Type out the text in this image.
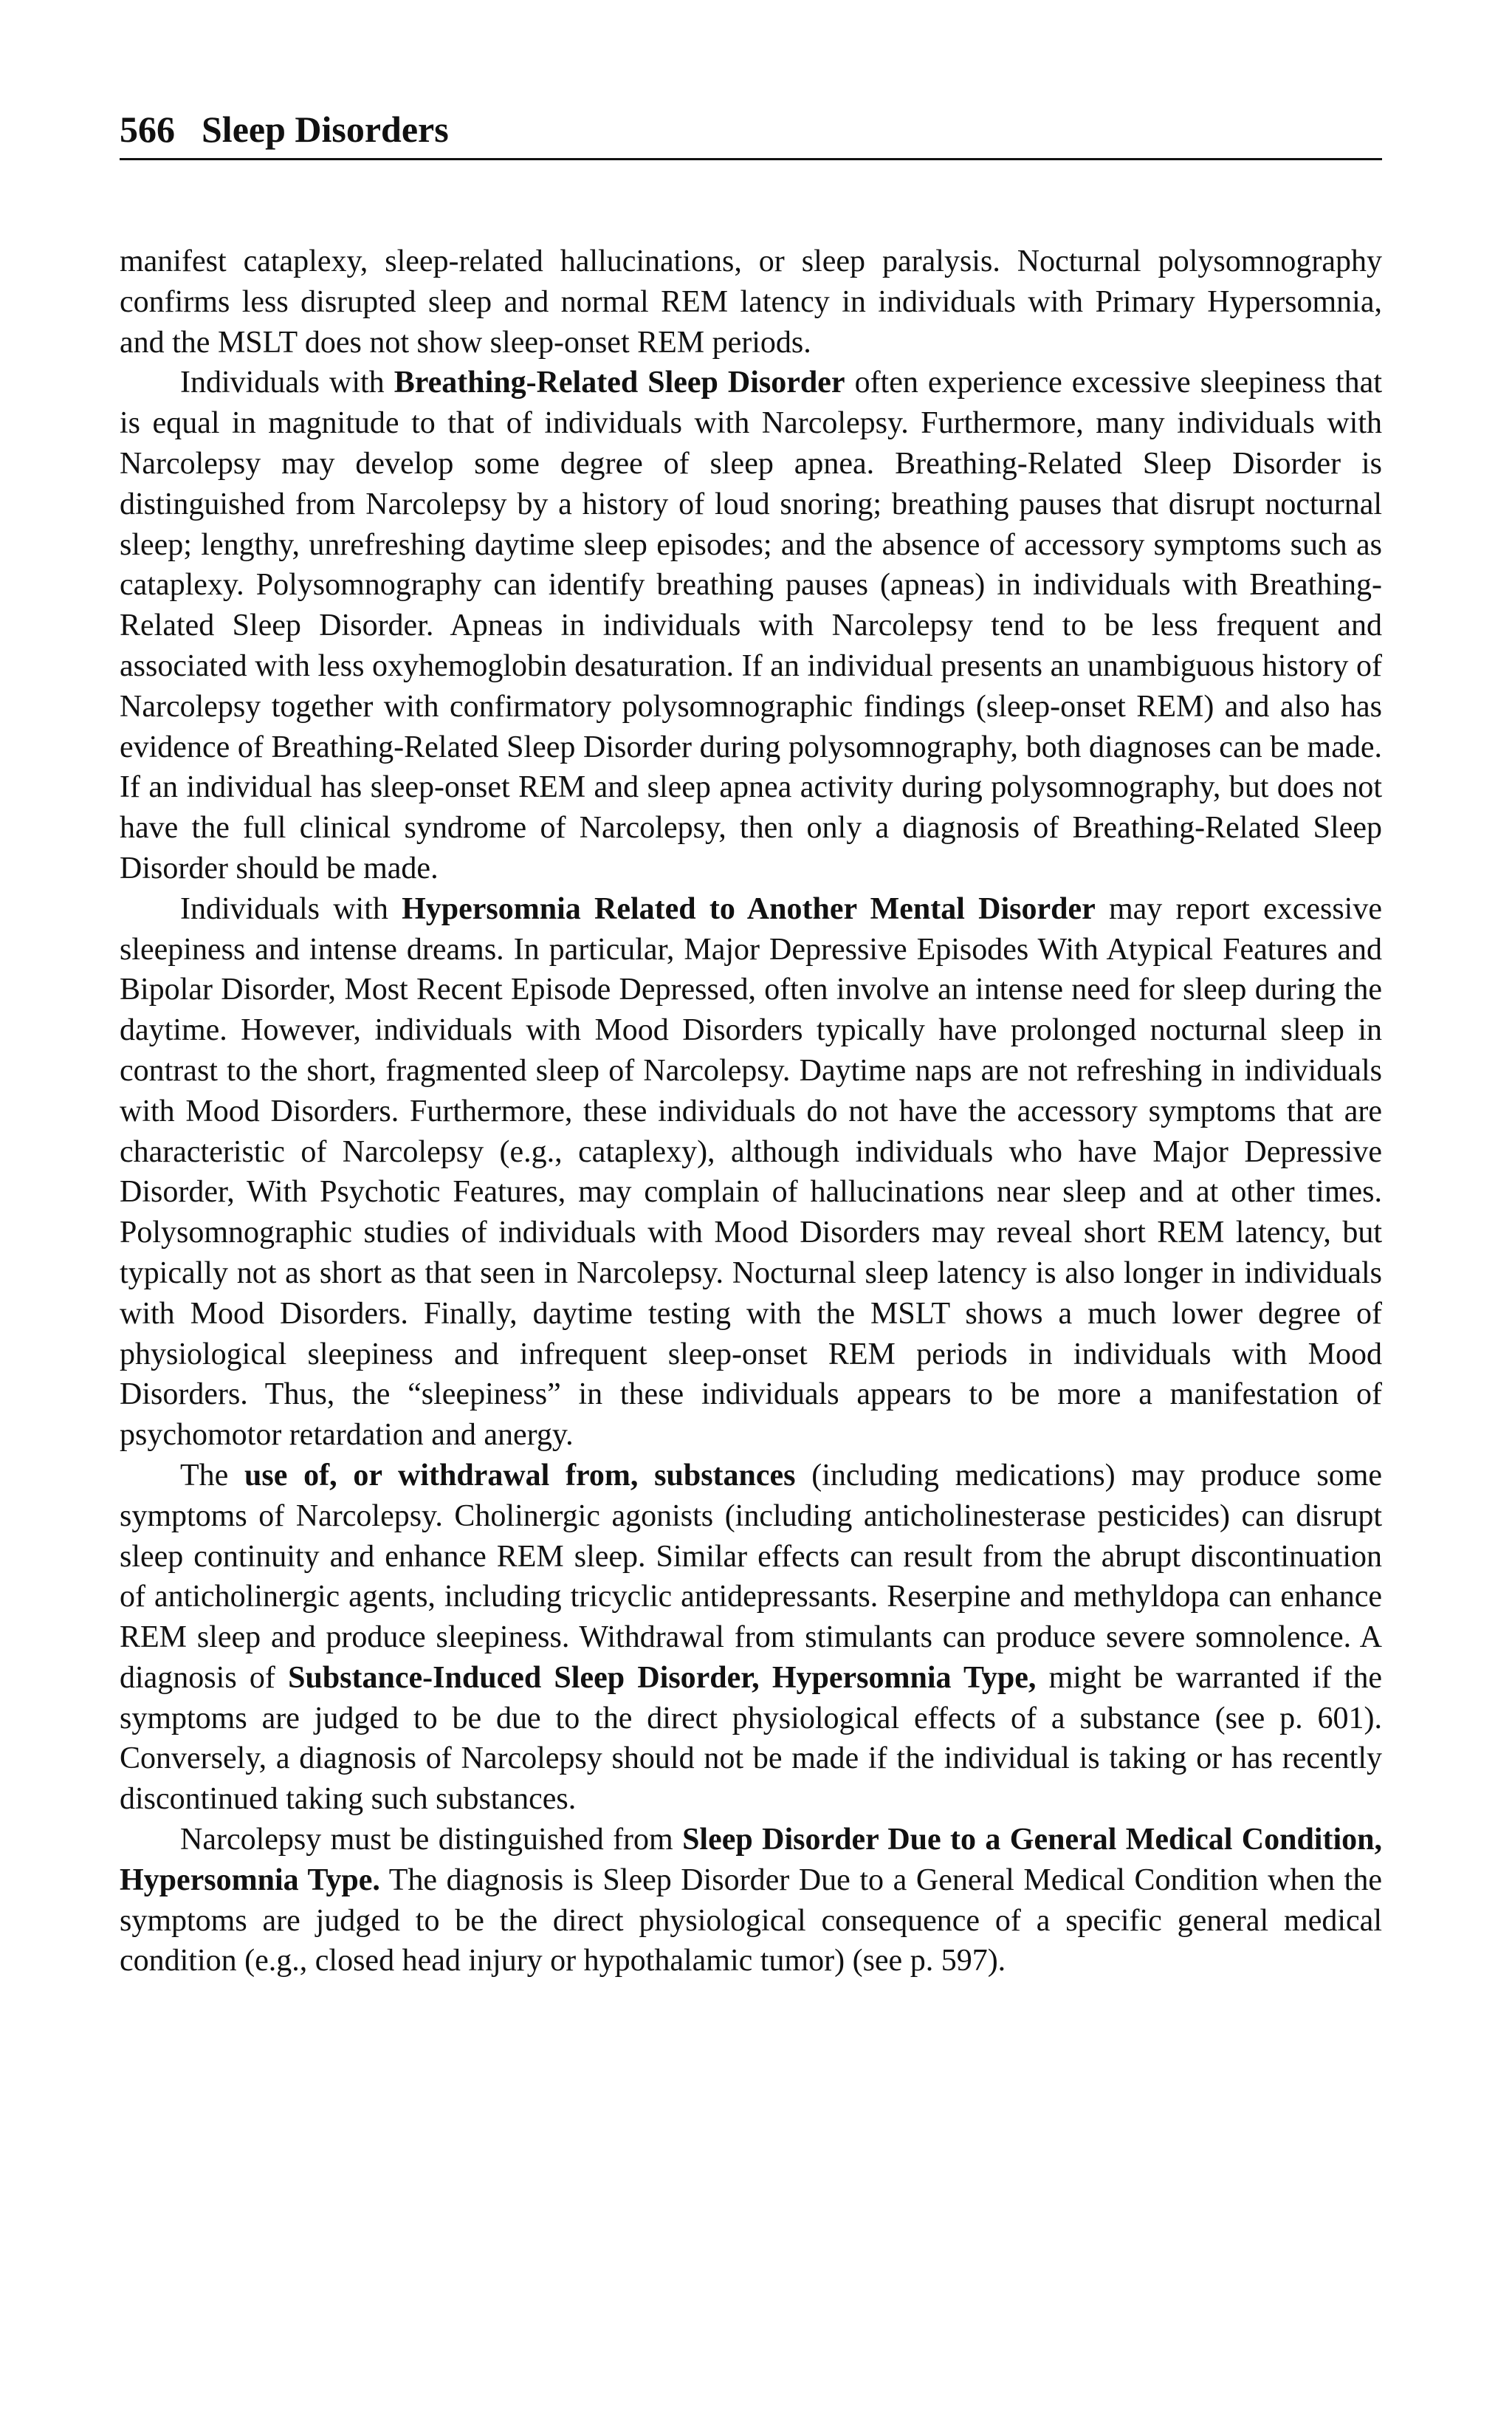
566 Sleep Disorders

manifest cataplexy, sleep-related hallucinations, or sleep paralysis. Nocturnal polysomnography confirms less disrupted sleep and normal REM latency in individuals with Primary Hypersomnia, and the MSLT does not show sleep-onset REM periods.

Individuals with Breathing-Related Sleep Disorder often experience excessive sleepiness that is equal in magnitude to that of individuals with Narcolepsy. Furthermore, many individuals with Narcolepsy may develop some degree of sleep apnea. Breathing-Related Sleep Disorder is distinguished from Narcolepsy by a history of loud snoring; breathing pauses that disrupt nocturnal sleep; lengthy, unrefreshing daytime sleep episodes; and the absence of accessory symptoms such as cataplexy. Polysomnography can identify breathing pauses (apneas) in individuals with Breathing-Related Sleep Disorder. Apneas in individuals with Narcolepsy tend to be less frequent and associated with less oxyhemoglobin desaturation. If an individual presents an unambiguous history of Narcolepsy together with confirmatory polysomnographic findings (sleep-onset REM) and also has evidence of Breathing-Related Sleep Disorder during polysomnography, both diagnoses can be made. If an individual has sleep-onset REM and sleep apnea activity during polysomnography, but does not have the full clinical syndrome of Narcolepsy, then only a diagnosis of Breathing-Related Sleep Disorder should be made.

Individuals with Hypersomnia Related to Another Mental Disorder may report excessive sleepiness and intense dreams. In particular, Major Depressive Episodes With Atypical Features and Bipolar Disorder, Most Recent Episode Depressed, often involve an intense need for sleep during the daytime. However, individuals with Mood Disorders typically have prolonged nocturnal sleep in contrast to the short, fragmented sleep of Narcolepsy. Daytime naps are not refreshing in individuals with Mood Disorders. Furthermore, these individuals do not have the accessory symptoms that are characteristic of Narcolepsy (e.g., cataplexy), although individuals who have Major Depressive Disorder, With Psychotic Features, may complain of hallucinations near sleep and at other times. Polysomnographic studies of individuals with Mood Disorders may reveal short REM latency, but typically not as short as that seen in Narcolepsy. Nocturnal sleep latency is also longer in individuals with Mood Disorders. Finally, daytime testing with the MSLT shows a much lower degree of physiological sleepiness and infrequent sleep-onset REM periods in individuals with Mood Disorders. Thus, the “sleepiness” in these individuals appears to be more a manifestation of psychomotor retardation and anergy.

The use of, or withdrawal from, substances (including medications) may produce some symptoms of Narcolepsy. Cholinergic agonists (including anticholinesterase pesticides) can disrupt sleep continuity and enhance REM sleep. Similar effects can result from the abrupt discontinuation of anticholinergic agents, including tricyclic antidepressants. Reserpine and methyldopa can enhance REM sleep and produce sleepiness. Withdrawal from stimulants can produce severe somnolence. A diagnosis of Substance-Induced Sleep Disorder, Hypersomnia Type, might be warranted if the symptoms are judged to be due to the direct physiological effects of a substance (see p. 601). Conversely, a diagnosis of Narcolepsy should not be made if the individual is taking or has recently discontinued taking such substances.

Narcolepsy must be distinguished from Sleep Disorder Due to a General Medical Condition, Hypersomnia Type. The diagnosis is Sleep Disorder Due to a General Medical Condition when the symptoms are judged to be the direct physiological consequence of a specific general medical condition (e.g., closed head injury or hypothalamic tumor) (see p. 597).
